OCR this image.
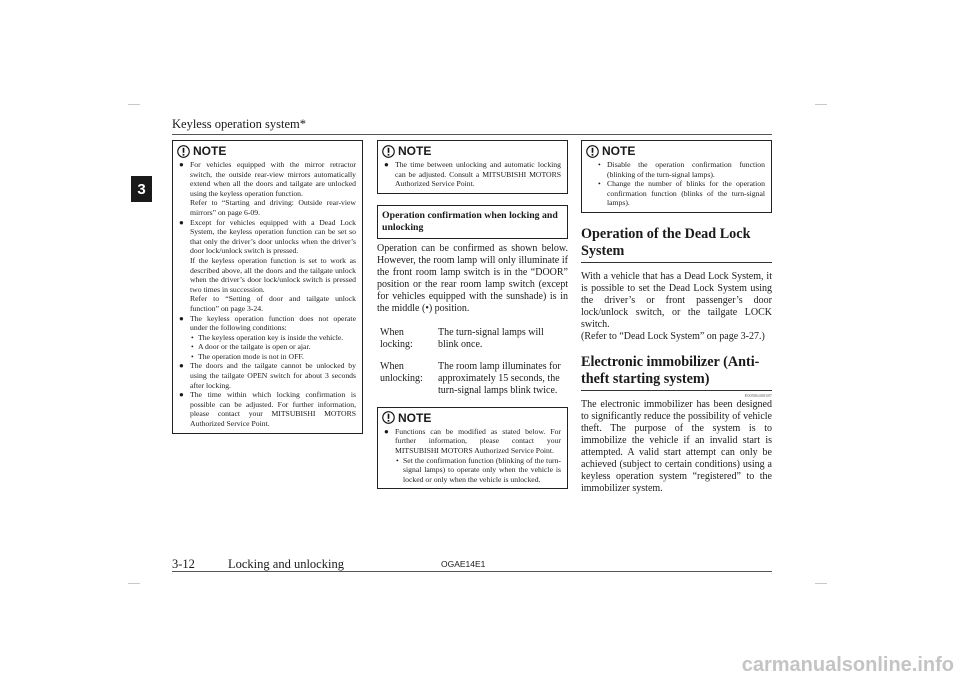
Keyless operation system*
3
NOTE
● For vehicles equipped with the mirror retractor switch, the outside rear-view mirrors automatically extend when all the doors and tailgate are unlocked using the keyless operation function.
Refer to “Starting and driving: Outside rear-view mirrors” on page 6-09.
● Except for vehicles equipped with a Dead Lock System, the keyless operation function can be set so that only the driver’s door unlocks when the driver’s door lock/unlock switch is pressed.
If the keyless operation function is set to work as described above, all the doors and the tailgate unlock when the driver’s door lock/unlock switch is pressed two times in succession.
Refer to “Setting of door and tailgate unlock function” on page 3-24.
● The keyless operation function does not operate under the following conditions:
• The keyless operation key is inside the vehicle.
• A door or the tailgate is open or ajar.
• The operation mode is not in OFF.
● The doors and the tailgate cannot be unlocked by using the tailgate OPEN switch for about 3 seconds after locking.
● The time within which locking confirmation is possible can be adjusted. For further information, please contact your MITSUBISHI MOTORS Authorized Service Point.
NOTE
● The time between unlocking and automatic locking can be adjusted. Consult a MITSUBISHI MOTORS Authorized Service Point.
Operation confirmation when locking and unlocking
Operation can be confirmed as shown below. However, the room lamp will only illuminate if the front room lamp switch is in the “DOOR” position or the rear room lamp switch (except for vehicles equipped with the sunshade) is in the middle (•) position.
When locking:
The turn-signal lamps will blink once.
When unlocking:
The room lamp illuminates for approximately 15 seconds, the turn-signal lamps blink twice.
NOTE
● Functions can be modified as stated below. For further information, please contact your MITSUBISHI MOTORS Authorized Service Point.
• Set the confirmation function (blinking of the turn-signal lamps) to operate only when the vehicle is locked or only when the vehicle is unlocked.
NOTE
• Disable the operation confirmation function (blinking of the turn-signal lamps).
• Change the number of blinks for the operation confirmation function (blinks of the turn-signal lamps).
Operation of the Dead Lock System
With a vehicle that has a Dead Lock System, it is possible to set the Dead Lock System using the driver’s or front passenger’s door lock/unlock switch, or the tailgate LOCK switch.
(Refer to “Dead Lock System” on page 3-27.)
Electronic immobilizer (Anti-theft starting system)
E00506400387
The electronic immobilizer has been designed to significantly reduce the possibility of vehicle theft. The purpose of the system is to immobilize the vehicle if an invalid start is attempted. A valid start attempt can only be achieved (subject to certain conditions) using a keyless operation system “registered” to the immobilizer system.
3-12	Locking and unlocking	OGAE14E1
carmanualsonline.info
